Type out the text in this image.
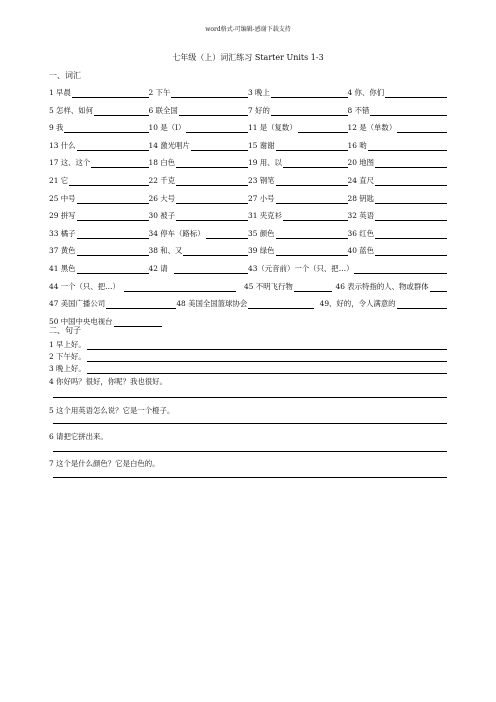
word格式-可编辑-感谢下载支持
七年级（上）词汇练习 Starter Units 1-3
一、词汇
1 早晨	2 下午	3 晚上	4 你、你们
5 怎样、如何	6 联全国	7 好的	8 不错
9 我	10 是（I）	11 是（复数）	12 是（单数）
13 什么	14 激光唱片	15 谢谢	16 哟
17 这、这个	18 白色	19 用、以	20 地图
21 它	22 千克	23 钢笔	24 直尺
25 中号	26 大号	27 小号	28 钥匙
29 拼写	30 被子	31 夹克衫	32 英语
33 橘子	34 停车（路标）	35 颜色	36 红色
37 黄色	38 和、又	39 绿色	40 蓝色
41 黑色	42 请	43（元音前）一个（只、把…）
44 一个（只、把…）	45 不明飞行物	46 表示特指的人、物或群体
47 美国广播公司	48 美国全国篮球协会	49、好的，令人满意的
50 中国中央电视台
二、句子
1 早上好。
2 下午好。
3 晚上好。
4 你好吗？很好，你呢？我也很好。
5 这个用英语怎么说？它是一个橙子。
6 请把它拼出来。
7 这个是什么颜色？它是白色的。
